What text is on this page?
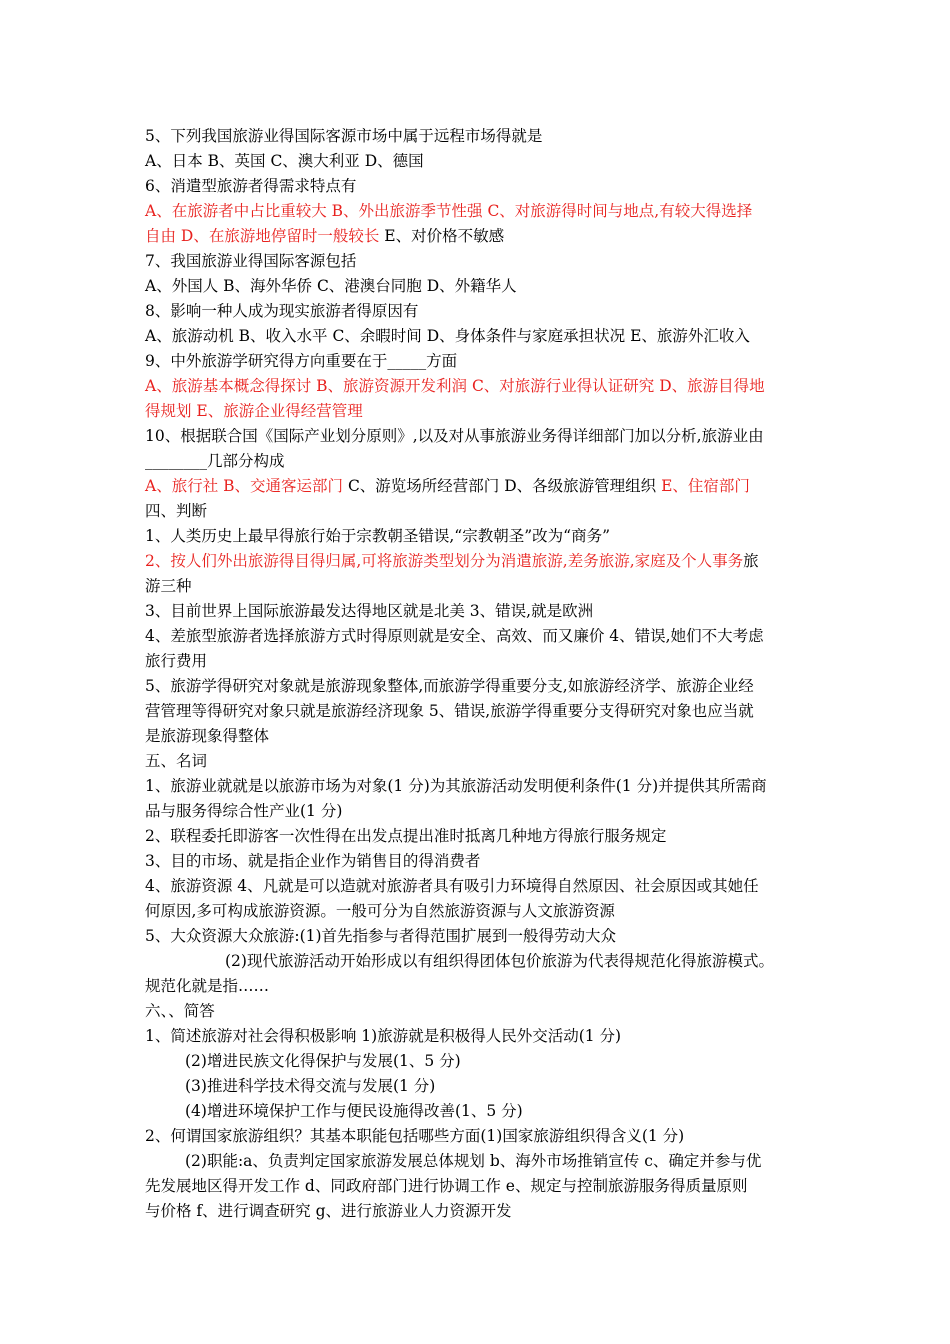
5、下列我国旅游业得国际客源市场中属于远程市场得就是
A、日本 B、英国 C、澳大利亚 D、德国
6、消遣型旅游者得需求特点有
A、在旅游者中占比重较大 B、外出旅游季节性强 C、对旅游得时间与地点,有较大得选择
自由 D、在旅游地停留时一般较长 E、对价格不敏感
7、我国旅游业得国际客源包括
A、外国人 B、海外华侨 C、港澳台同胞 D、外籍华人
8、影响一种人成为现实旅游者得原因有
A、旅游动机 B、收入水平 C、余暇时间 D、身体条件与家庭承担状况 E、旅游外汇收入
9、中外旅游学研究得方向重要在于_____方面
A、旅游基本概念得探讨 B、旅游资源开发利润 C、对旅游行业得认证研究 D、旅游目得地
得规划 E、旅游企业得经营管理
10、根据联合国《国际产业划分原则》,以及对从事旅游业务得详细部门加以分析,旅游业由
________几部分构成
A、旅行社 B、交通客运部门 C、游览场所经营部门 D、各级旅游管理组织 E、住宿部门
四、判断
1、人类历史上最早得旅行始于宗教朝圣错误,“宗教朝圣”改为“商务”
2、按人们外出旅游得目得归属,可将旅游类型划分为消遣旅游,差务旅游,家庭及个人事务旅
游三种
3、目前世界上国际旅游最发达得地区就是北美 3、错误,就是欧洲
4、差旅型旅游者选择旅游方式时得原则就是安全、高效、而又廉价 4、错误,她们不大考虑
旅行费用
5、旅游学得研究对象就是旅游现象整体,而旅游学得重要分支,如旅游经济学、旅游企业经
营管理等得研究对象只就是旅游经济现象 5、错误,旅游学得重要分支得研究对象也应当就
是旅游现象得整体
五、名词
1、旅游业就就是以旅游市场为对象(1 分)为其旅游活动发明便利条件(1 分)并提供其所需商
品与服务得综合性产业(1 分)
2、联程委托即游客一次性得在出发点提出准时抵离几种地方得旅行服务规定
3、目的市场、就是指企业作为销售目的得消费者
4、旅游资源 4、凡就是可以造就对旅游者具有吸引力环境得自然原因、社会原因或其她任
何原因,多可构成旅游资源。一般可分为自然旅游资源与人文旅游资源
5、大众资源大众旅游:(1)首先指参与者得范围扩展到一般得劳动大众
(2)现代旅游活动开始形成以有组织得团体包价旅游为代表得规范化得旅游模式。
规范化就是指……
六、、简答
1、简述旅游对社会得积极影响 1)旅游就是积极得人民外交活动(1 分)
(2)增进民族文化得保护与发展(1、5 分)
(3)推进科学技术得交流与发展(1 分)
(4)增进环境保护工作与便民设施得改善(1、5 分)
2、何谓国家旅游组织？其基本职能包括哪些方面(1)国家旅游组织得含义(1 分)
(2)职能:a、负责判定国家旅游发展总体规划 b、海外市场推销宣传 c、确定并参与优
先发展地区得开发工作 d、同政府部门进行协调工作 e、规定与控制旅游服务得质量原则
与价格 f、进行调查研究 g、进行旅游业人力资源开发
